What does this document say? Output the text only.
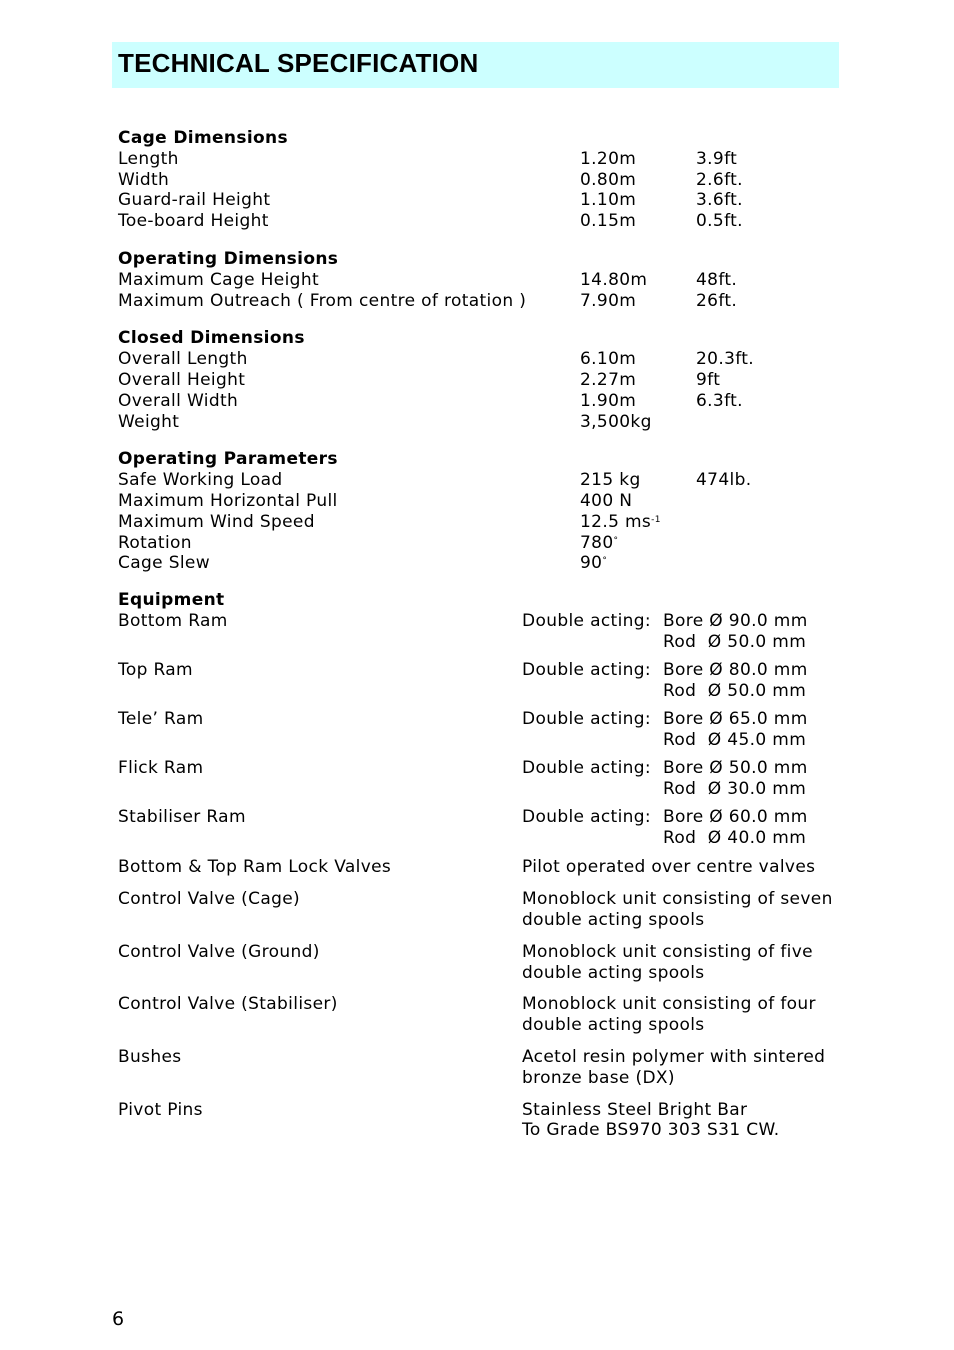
TECHNICAL SPECIFICATION
Cage Dimensions
Length	1.20m	3.9ft
Width	0.80m	2.6ft.
Guard-rail Height	1.10m	3.6ft.
Toe-board Height	0.15m	0.5ft.
Operating Dimensions
Maximum Cage Height	14.80m	48ft.
Maximum Outreach ( From centre of rotation )	7.90m	26ft.
Closed Dimensions
Overall Length	6.10m	20.3ft.
Overall Height	2.27m	9ft
Overall Width	1.90m	6.3ft.
Weight	3,500kg
Operating Parameters
Safe Working Load	215 kg	474lb.
Maximum Horizontal Pull	400 N
Maximum Wind Speed	12.5 $ms^{-1}$
Rotation	780°
Cage Slew	90°
Equipment
Bottom Ram	Double acting: Bore Ø 90.0 mm
Rod  Ø 50.0 mm
Top Ram	Double acting: Bore Ø 80.0 mm
Rod  Ø 50.0 mm
Tele’ Ram	Double acting: Bore Ø 65.0 mm
Rod  Ø 45.0 mm
Flick Ram	Double acting: Bore Ø 50.0 mm
Rod  Ø 30.0 mm
Stabiliser Ram	Double acting: Bore Ø 60.0 mm
Rod  Ø 40.0 mm
Bottom & Top Ram Lock Valves	Pilot operated over centre valves
Control Valve (Cage)	Monoblock unit consisting of seven
double acting spools
Control Valve (Ground)	Monoblock unit consisting of five
double acting spools
Control Valve (Stabiliser)	Monoblock unit consisting of four
double acting spools
Bushes	Acetol resin polymer with sintered
bronze base (DX)
Pivot Pins	Stainless Steel Bright Bar
To Grade BS970 303 S31 CW.
6
